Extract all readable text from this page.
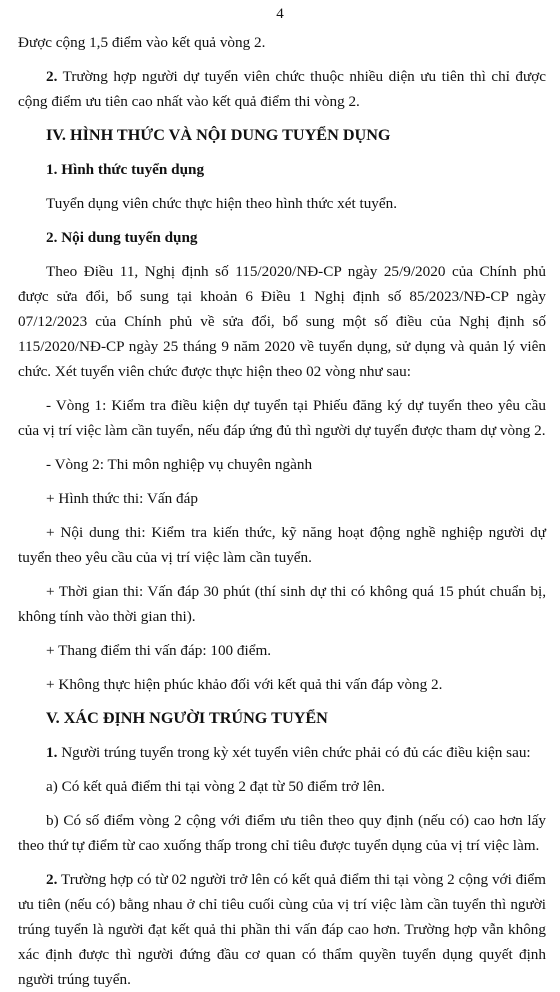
4

Được cộng 1,5 điểm vào kết quả vòng 2.

2. Trường hợp người dự tuyển viên chức thuộc nhiều diện ưu tiên thì chỉ được cộng điểm ưu tiên cao nhất vào kết quả điểm thi vòng 2.

IV. HÌNH THỨC VÀ NỘI DUNG TUYỂN DỤNG

1. Hình thức tuyển dụng

Tuyển dụng viên chức thực hiện theo hình thức xét tuyển.

2. Nội dung tuyển dụng

Theo Điều 11, Nghị định số 115/2020/NĐ-CP ngày 25/9/2020 của Chính phủ được sửa đổi, bổ sung tại khoản 6 Điều 1 Nghị định số 85/2023/NĐ-CP ngày 07/12/2023 của Chính phủ về sửa đổi, bổ sung một số điều của Nghị định số 115/2020/NĐ-CP ngày 25 tháng 9 năm 2020 về tuyển dụng, sử dụng và quản lý viên chức. Xét tuyển viên chức được thực hiện theo 02 vòng như sau:

- Vòng 1: Kiểm tra điều kiện dự tuyển tại Phiếu đăng ký dự tuyển theo yêu cầu của vị trí việc làm cần tuyển, nếu đáp ứng đủ thì người dự tuyển được tham dự vòng 2.

- Vòng 2: Thi môn nghiệp vụ chuyên ngành

+ Hình thức thi: Vấn đáp

+ Nội dung thi: Kiểm tra kiến thức, kỹ năng hoạt động nghề nghiệp người dự tuyển theo yêu cầu của vị trí việc làm cần tuyển.

+ Thời gian thi: Vấn đáp 30 phút (thí sinh dự thi có không quá 15 phút chuẩn bị, không tính vào thời gian thi).

+ Thang điểm thi vấn đáp: 100 điểm.

+ Không thực hiện phúc khảo đối với kết quả thi vấn đáp vòng 2.

V. XÁC ĐỊNH NGƯỜI TRÚNG TUYỂN

1. Người trúng tuyển trong kỳ xét tuyển viên chức phải có đủ các điều kiện sau:

a) Có kết quả điểm thi tại vòng 2 đạt từ 50 điểm trở lên.

b) Có số điểm vòng 2 cộng với điểm ưu tiên theo quy định (nếu có) cao hơn lấy theo thứ tự điểm từ cao xuống thấp trong chỉ tiêu được tuyển dụng của vị trí việc làm.

2. Trường hợp có từ 02 người trở lên có kết quả điểm thi tại vòng 2 cộng với điểm ưu tiên (nếu có) bằng nhau ở chỉ tiêu cuối cùng của vị trí việc làm cần tuyển thì người trúng tuyển là người đạt kết quả thi phần thi vấn đáp cao hơn. Trường hợp vẫn không xác định được thì người đứng đầu cơ quan có thẩm quyền tuyển dụng quyết định người trúng tuyển.
